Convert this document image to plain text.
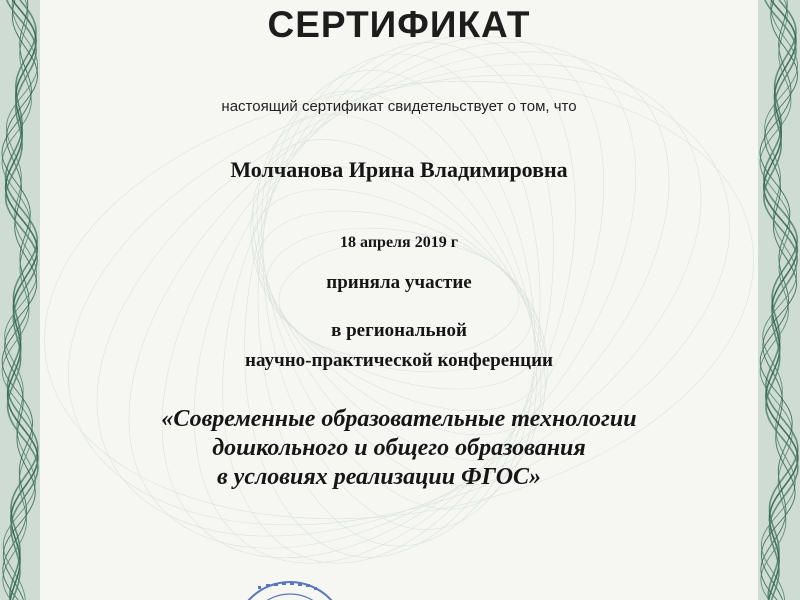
СЕРТИФИКАТ
настоящий сертификат свидетельствует о том, что
Молчанова Ирина Владимировна
18 апреля 2019 г
приняла участие
в региональной
научно-практической конференции
«Современные образовательные технологии
дошкольного и общего образования
в условиях реализации ФГОС»
